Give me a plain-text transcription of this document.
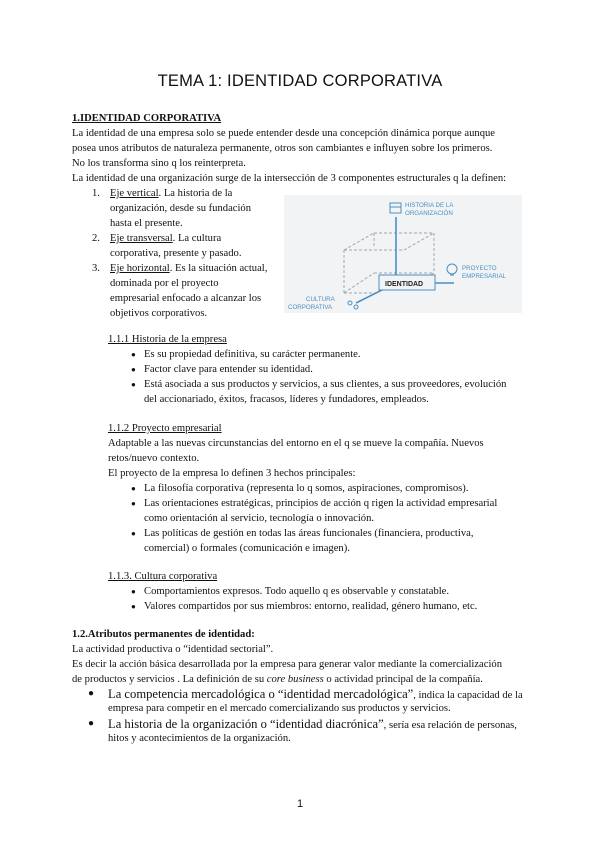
TEMA 1: IDENTIDAD CORPORATIVA
1.IDENTIDAD CORPORATIVA
La identidad de una empresa solo se puede entender desde una concepción dinámica porque aunque
posea unos atributos de naturaleza permanente, otros son cambiantes e influyen sobre los primeros.
No los transforma sino q los reinterpreta.
La identidad de una organización surge de la intersección de 3 componentes estructurales q la definen:
1. Eje vertical. La historia de la
organización, desde su fundación
hasta el presente.
2. Eje transversal. La cultura
corporativa, presente y pasado.
3. Eje horizontal. Es la situación actual,
dominada por el proyecto
empresarial enfocado a alcanzar los
objetivos corporativos.
HISTORIA DE LA
ORGANIZACIÓN
IDENTIDAD
PROYECTO
EMPRESARIAL
CULTURA
CORPORATIVA
1.1.1 Historia de la empresa
● Es su propiedad definitiva, su carácter permanente.
● Factor clave para entender su identidad.
● Está asociada a sus productos y servicios, a sus clientes, a sus proveedores, evolución
del accionariado, éxitos, fracasos, líderes y fundadores, empleados.
1.1.2 Proyecto empresarial
Adaptable a las nuevas circunstancias del entorno en el q se mueve la compañía. Nuevos
retos/nuevo contexto.
El proyecto de la empresa lo definen 3 hechos principales:
● La filosofía corporativa (representa lo q somos, aspiraciones, compromisos).
● Las orientaciones estratégicas, principios de acción q rigen la actividad empresarial
como orientación al servicio, tecnología o innovación.
● Las políticas de gestión en todas las áreas funcionales (financiera, productiva,
comercial) o formales (comunicación e imagen).
1.1.3. Cultura corporativa
● Comportamientos expresos. Todo aquello q es observable y constatable.
● Valores compartidos por sus miembros: entorno, realidad, género humano, etc.
1.2.Atributos permanentes de identidad:
La actividad productiva o “identidad sectorial”.
Es decir la acción básica desarrollada por la empresa para generar valor mediante la comercialización
de productos y servicios . La definición de su core business o actividad principal de la compañía.
● La competencia mercadológica o “identidad mercadológica”, indica la capacidad de la
empresa para competir en el mercado comercializando sus productos y servicios.
● La historia de la organización o “identidad diacrónica”, sería esa relación de personas,
hitos y acontecimientos de la organización.
1
